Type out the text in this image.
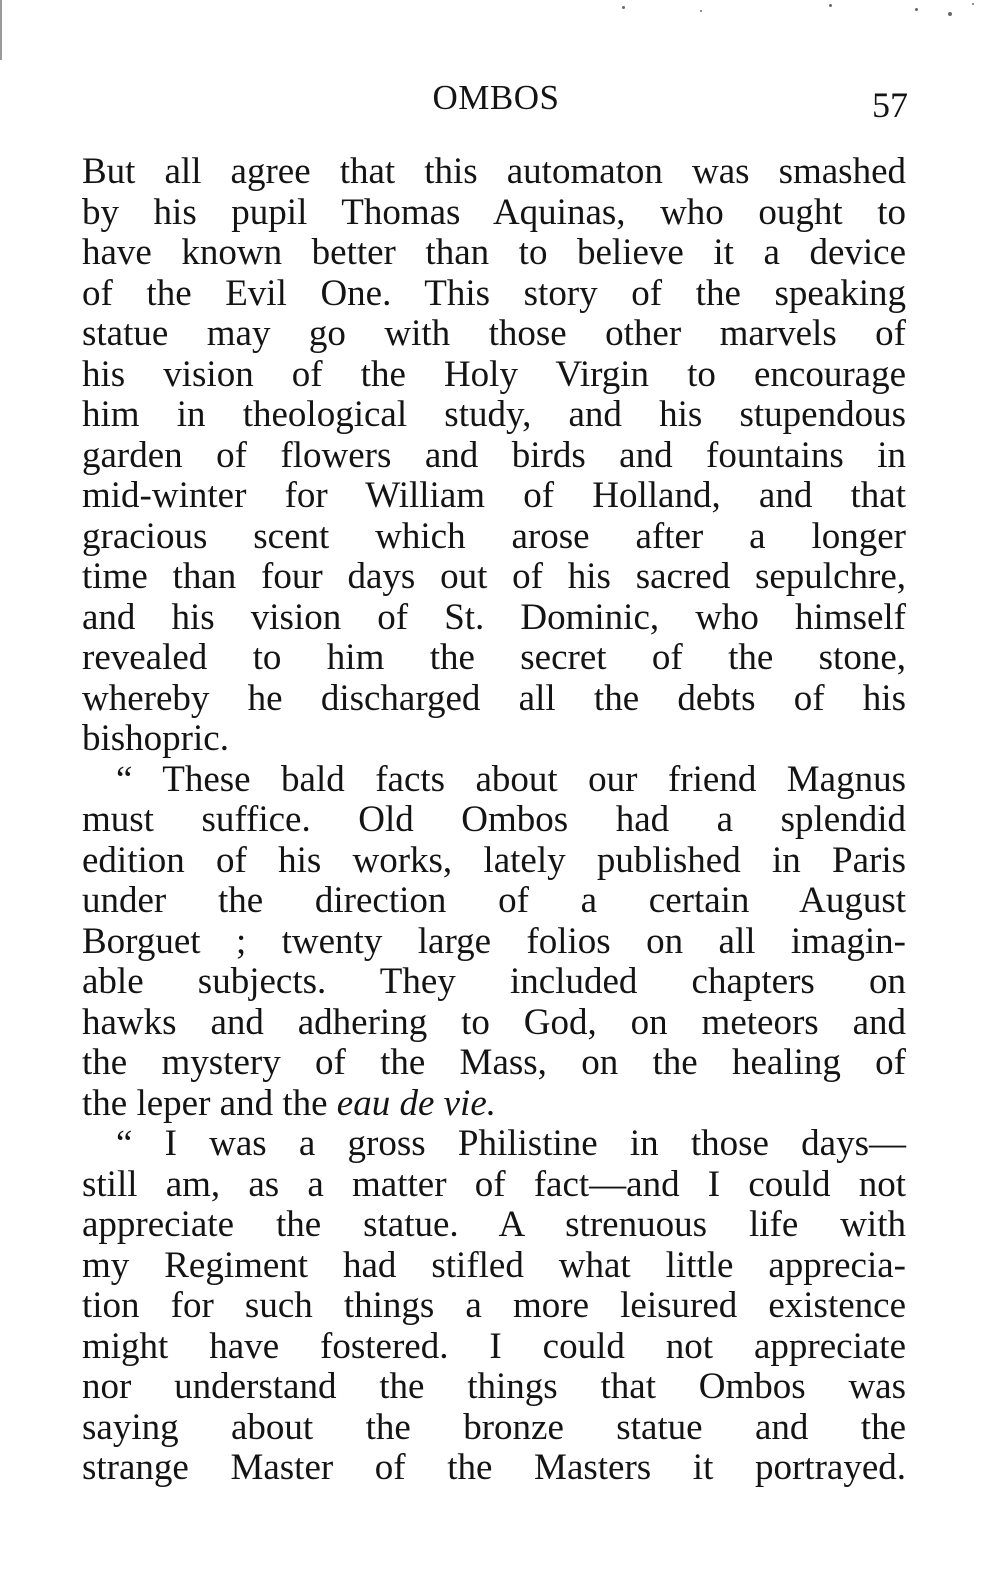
OMBOS	57
But all agree that this automaton was smashed
by his pupil Thomas Aquinas, who ought to
have known better than to believe it a device
of the Evil One. This story of the speaking
statue may go with those other marvels of
his vision of the Holy Virgin to encourage
him in theological study, and his stupendous
garden of flowers and birds and fountains in
mid-winter for William of Holland, and that
gracious scent which arose after a longer
time than four days out of his sacred sepulchre,
and his vision of St. Dominic, who himself
revealed to him the secret of the stone,
whereby he discharged all the debts of his
bishopric.
“ These bald facts about our friend Magnus
must suffice. Old Ombos had a splendid
edition of his works, lately published in Paris
under the direction of a certain August
Borguet ; twenty large folios on all imagin-
able subjects. They included chapters on
hawks and adhering to God, on meteors and
the mystery of the Mass, on the healing of
the leper and the eau de vie.
“ I was a gross Philistine in those days—
still am, as a matter of fact—and I could not
appreciate the statue. A strenuous life with
my Regiment had stifled what little apprecia-
tion for such things a more leisured existence
might have fostered. I could not appreciate
nor understand the things that Ombos was
saying about the bronze statue and the
strange Master of the Masters it portrayed.
